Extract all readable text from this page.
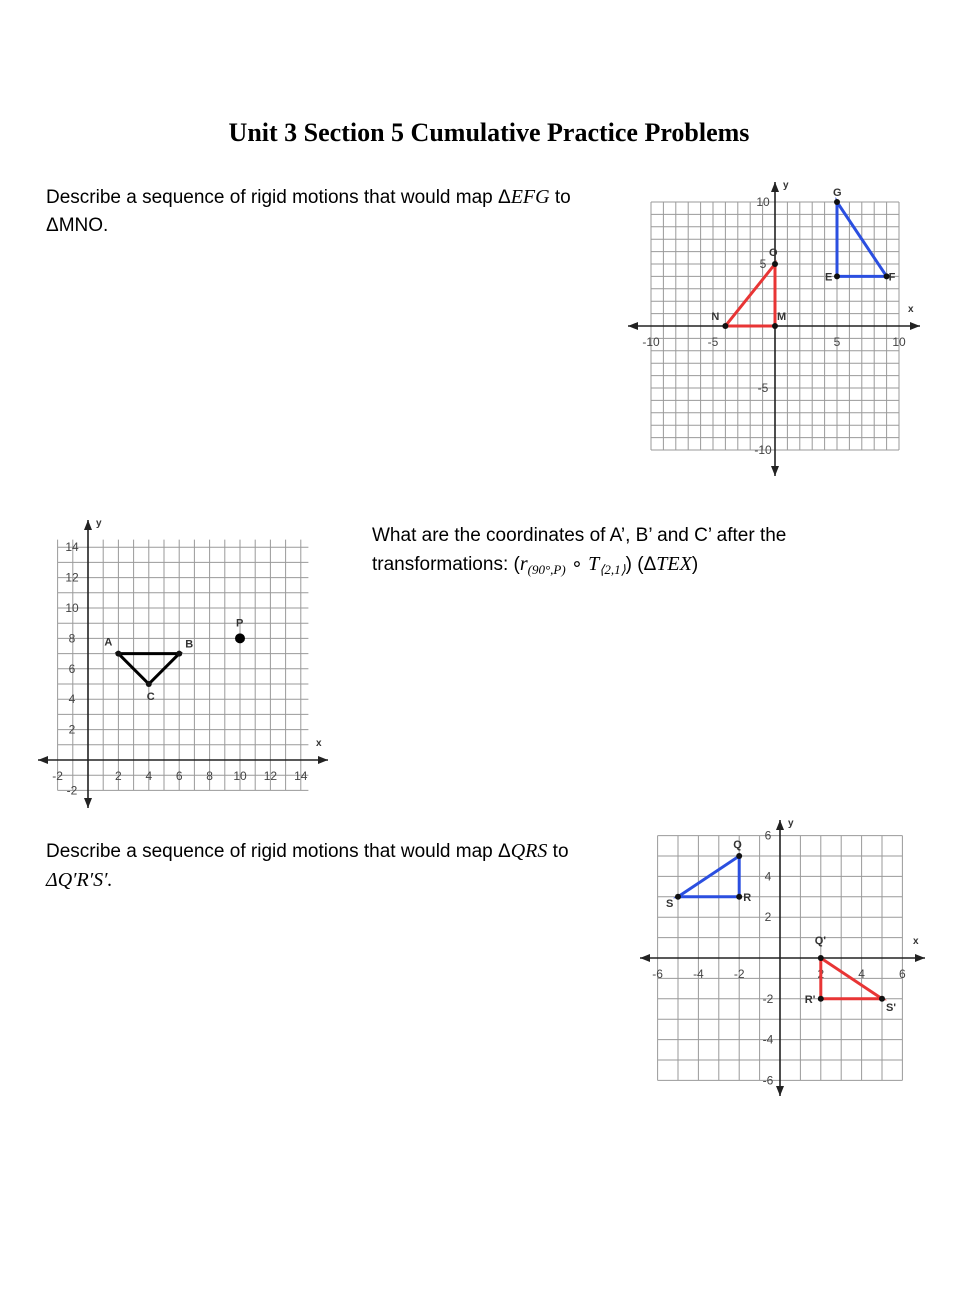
Unit 3 Section 5 Cumulative Practice Problems
Describe a sequence of rigid motions that would map ΔEFG to
ΔMNO.
What are the coordinates of A’, B’ and C’ after the
transformations: ($r_{(90^\circ,P)}$ ∘ $T_{⟨2,1⟩}$) (ΔTEX)
Describe a sequence of rigid motions that would map ΔQRS to
ΔQ′R′S′.
x
y
-10	-5	5	10
10
5
-5
-10
E	F
G
M
N
O
x
y
-2	2 4 6 8 10 12 14
14
12
10
8
6
4
2
-2
A	B
C
P
x
y
-6	-4	-2	2	4	6
6
4
2
-2
-4
-6
Q
R
S
Q'
R'
S'
